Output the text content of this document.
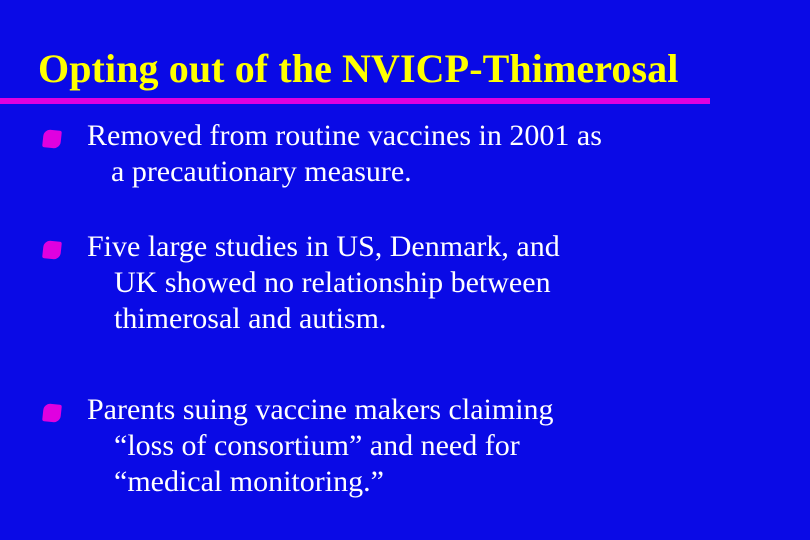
Opting out of the NVICP-Thimerosal

Removed from routine vaccines in 2001 as
a precautionary measure.

Five large studies in US, Denmark, and
UK showed no relationship between
thimerosal and autism.

Parents suing vaccine makers claiming
“loss of consortium” and need for
“medical monitoring.”
